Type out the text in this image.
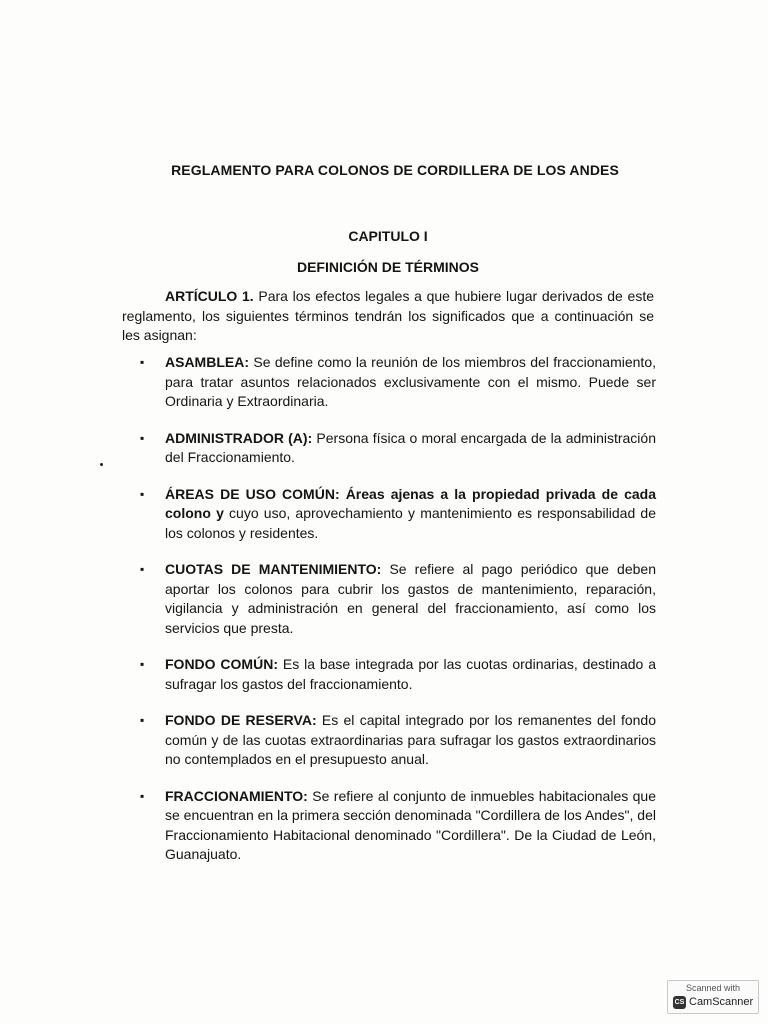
REGLAMENTO PARA COLONOS DE CORDILLERA DE LOS ANDES
CAPITULO I
DEFINICIÓN DE TÉRMINOS
ARTÍCULO 1. Para los efectos legales a que hubiere lugar derivados de este reglamento, los siguientes términos tendrán los significados que a continuación se les asignan:
▪ ASAMBLEA: Se define como la reunión de los miembros del fraccionamiento, para tratar asuntos relacionados exclusivamente con el mismo. Puede ser Ordinaria y Extraordinaria.
▪ ADMINISTRADOR (A): Persona física o moral encargada de la administración del Fraccionamiento.
▪ ÁREAS DE USO COMÚN: Áreas ajenas a la propiedad privada de cada colono y cuyo uso, aprovechamiento y mantenimiento es responsabilidad de los colonos y residentes.
▪ CUOTAS DE MANTENIMIENTO: Se refiere al pago periódico que deben aportar los colonos para cubrir los gastos de mantenimiento, reparación, vigilancia y administración en general del fraccionamiento, así como los servicios que presta.
▪ FONDO COMÚN: Es la base integrada por las cuotas ordinarias, destinado a sufragar los gastos del fraccionamiento.
▪ FONDO DE RESERVA: Es el capital integrado por los remanentes del fondo común y de las cuotas extraordinarias para sufragar los gastos extraordinarios no contemplados en el presupuesto anual.
▪ FRACCIONAMIENTO: Se refiere al conjunto de inmuebles habitacionales que se encuentran en la primera sección denominada "Cordillera de los Andes", del Fraccionamiento Habitacional denominado "Cordillera". De la Ciudad de León, Guanajuato.
Scanned with
CS CamScanner
